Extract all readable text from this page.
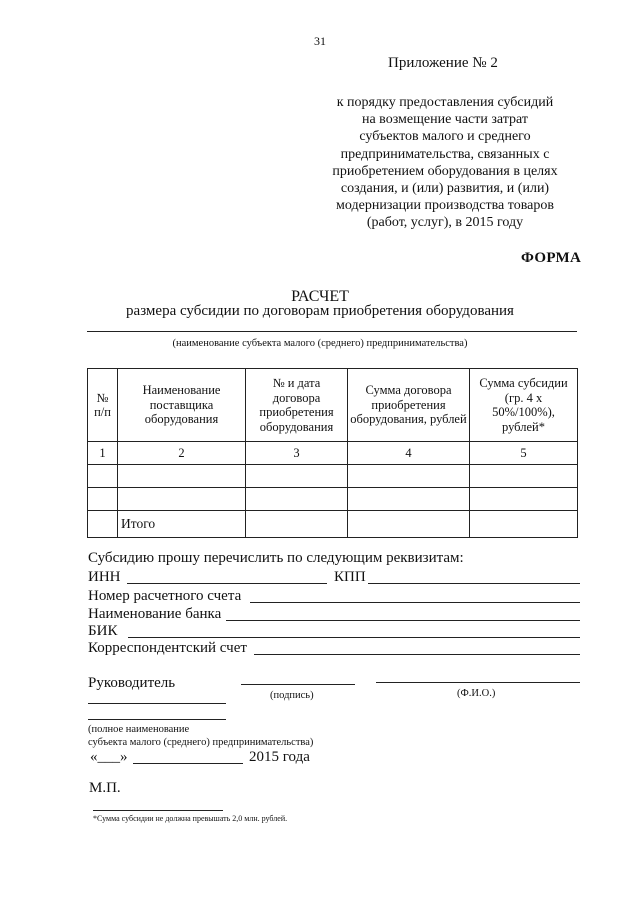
31
Приложение № 2
к порядку предоставления субсидий
на возмещение части затрат
субъектов малого и среднего
предпринимательства, связанных с
приобретением оборудования в целях
создания, и (или) развития, и (или)
модернизации производства товаров
(работ, услуг), в 2015 году
ФОРМА
РАСЧЕТ
размера субсидии по договорам приобретения оборудования
(наименование субъекта малого (среднего) предпринимательства)
№ п/п	Наименование поставщика оборудования	№ и дата договора приобретения оборудования	Сумма договора приобретения оборудования, рублей	Сумма субсидии (гр. 4 х 50%/100%), рублей*
1	2	3	4	5

	Итого			
Субсидию прошу перечислить по следующим реквизитам:
ИНН	КПП
Номер расчетного счета
Наименование банка
БИК
Корреспондентский счет
Руководитель
(подпись)	(Ф.И.О.)
(полное наименование
субъекта малого (среднего) предпринимательства)
«___»	2015 года
М.П.
*Сумма субсидии не должна превышать 2,0 млн. рублей.
